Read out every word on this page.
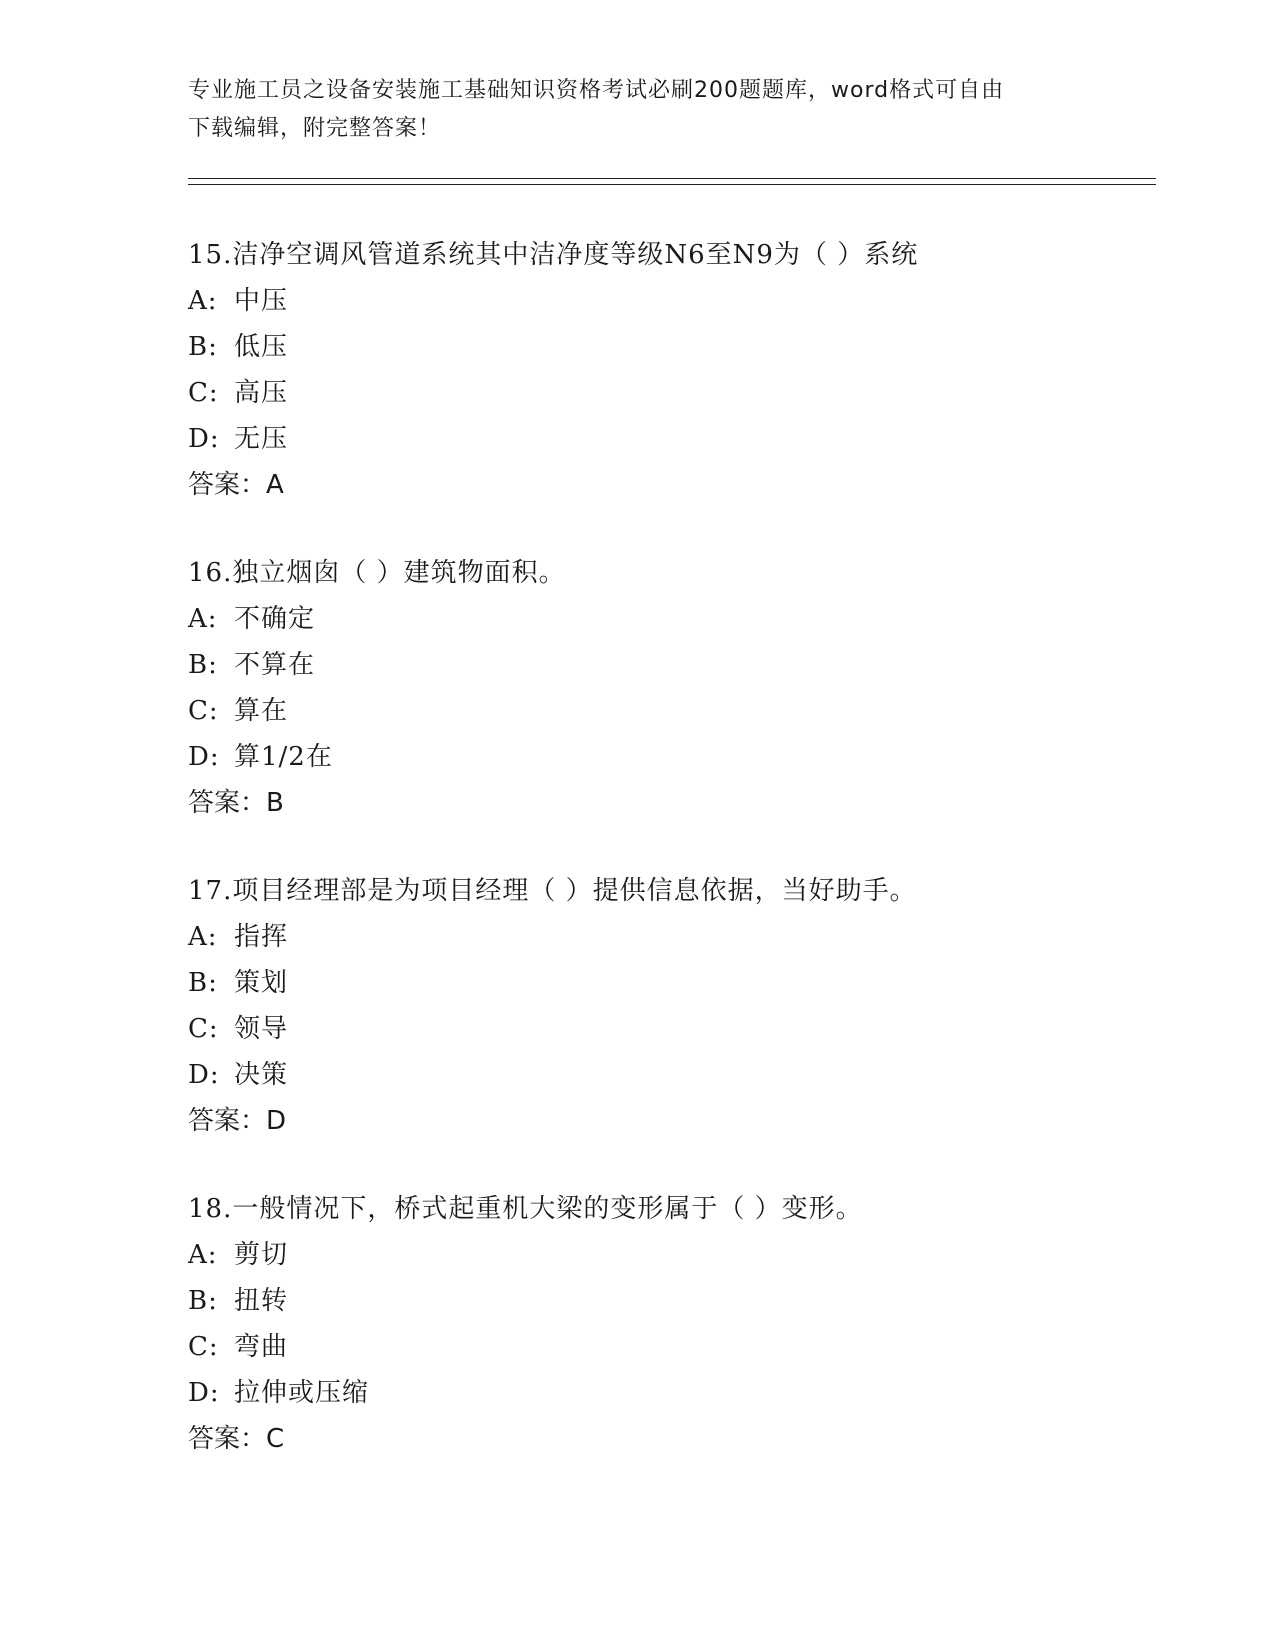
专业施工员之设备安装施工基础知识资格考试必刷200题题库，word格式可自由
下载编辑，附完整答案！
15.洁净空调风管道系统其中洁净度等级N6至N9为（ ）系统
A: 中压
B: 低压
C: 高压
D: 无压
答案：A
16.独立烟囱（ ）建筑物面积。
A: 不确定
B: 不算在
C: 算在
D: 算1/2在
答案：B
17.项目经理部是为项目经理（ ）提供信息依据，当好助手。
A: 指挥
B: 策划
C: 领导
D: 决策
答案：D
18.一般情况下，桥式起重机大梁的变形属于（ ）变形。
A: 剪切
B: 扭转
C: 弯曲
D: 拉伸或压缩
答案：C
